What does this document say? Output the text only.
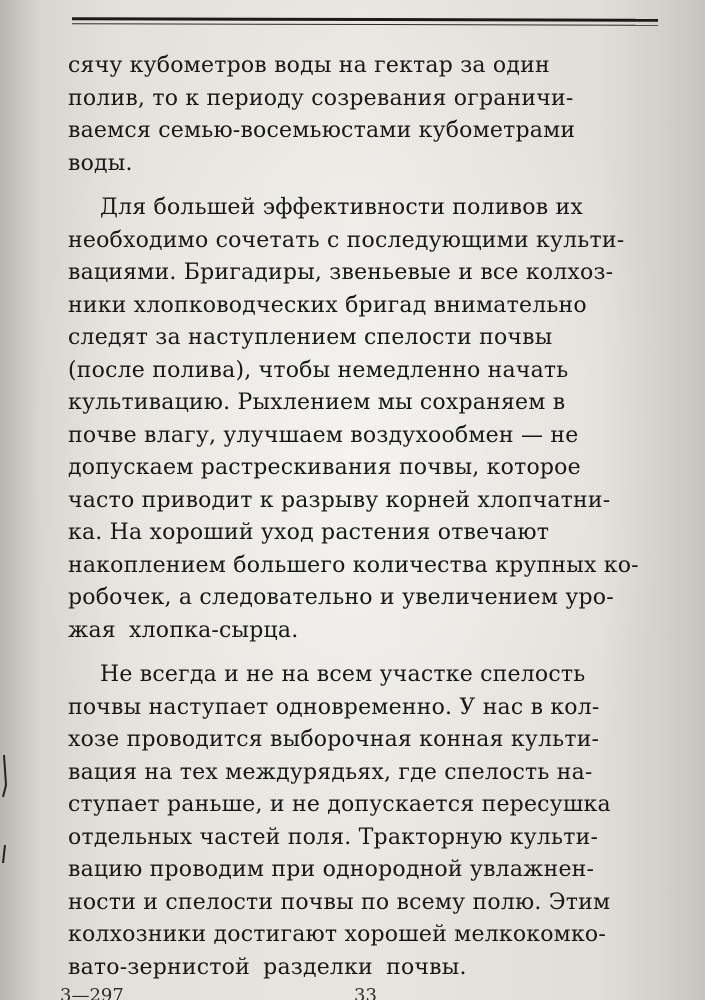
сячу кубометров воды на гектар за один
полив, то к периоду созревания ограничи-
ваемся семью-восемьюстами кубометрами
воды.
Для большей эффективности поливов их
необходимо сочетать с последующими культи-
вациями. Бригадиры, звеньевые и все колхоз-
ники хлопководческих бригад внимательно
следят за наступлением спелости почвы
(после полива), чтобы немедленно начать
культивацию. Рыхлением мы сохраняем в
почве влагу, улучшаем воздухообмен — не
допускаем растрескивания почвы, которое
часто приводит к разрыву корней хлопчатни-
ка. На хороший уход растения отвечают
накоплением большего количества крупных ко-
робочек, а следовательно и увеличением уро-
жая хлопка-сырца.
Не всегда и не на всем участке спелость
почвы наступает одновременно. У нас в кол-
хозе проводится выборочная конная культи-
вация на тех междурядьях, где спелость на-
ступает раньше, и не допускается пересушка
отдельных частей поля. Тракторную культи-
вацию проводим при однородной увлажнен-
ности и спелости почвы по всему полю. Этим
колхозники достигают хорошей мелкокомко-
вато-зернистой разделки почвы.
3—297	33
